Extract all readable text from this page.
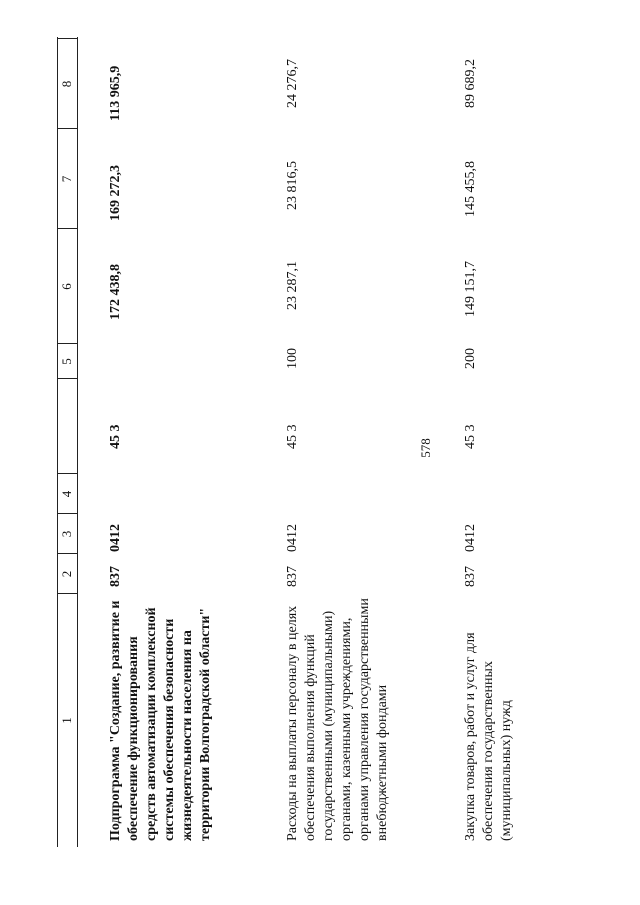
578
1
2
3
4
5
6
7
8
Подпрограмма "Создание, развитие и обеспечение функционирования средств автоматизации комплексной системы обеспечения безопасности жизнедеятельности населения на территории Волгоградской области"
837
0412
45 3
172 438,8
169 272,3
113 965,9
Расходы на выплаты персоналу в целях обеспечения выполнения функций государственными (муниципальными) органами, казенными учреждениями, органами управления государственными внебюджетными фондами
837
0412
45 3
100
23 287,1
23 816,5
24 276,7
Закупка товаров, работ и услуг для обеспечения государственных (муниципальных) нужд
837
0412
45 3
200
149 151,7
145 455,8
89 689,2
